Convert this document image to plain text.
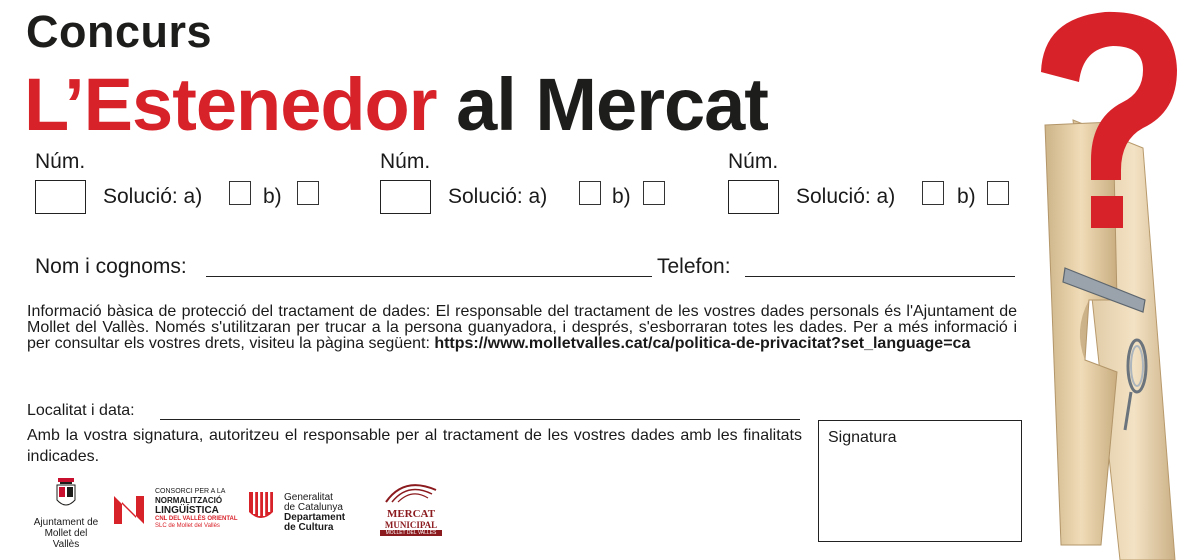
Concurs
L’Estenedor al Mercat
Núm.
Solució: a)	b)
Núm.
Solució: a)	b)
Núm.
Solució: a)	b)
Nom i cognoms:	Telefon:
Informació bàsica de protecció del tractament de dades: El responsable del tractament de les vostres dades personals és l'Ajuntament de Mollet del Vallès. Només s'utilitzaran per trucar a la persona guanyadora, i després, s'esborraran totes les dades. Per a més informació i per consultar els vostres drets, visiteu la pàgina següent: https://www.molletvalles.cat/ca/politica-de-privacitat?set_language=ca
Localitat i data:
Amb la vostra signatura, autoritzeu el responsable per al tractament de les vostres dades amb les finalitats indicades.
Signatura
Ajuntament de
Mollet del Vallès
CONSORCI PER A LA
NORMALITZACIÓ
LINGÜÍSTICA
CNL DEL VALLÈS ORIENTAL
SLC de Mollet del Vallès
Generalitat
de Catalunya
Departament
de Cultura
MERCAT
MUNICIPAL
MOLLET DEL VALLÈS
